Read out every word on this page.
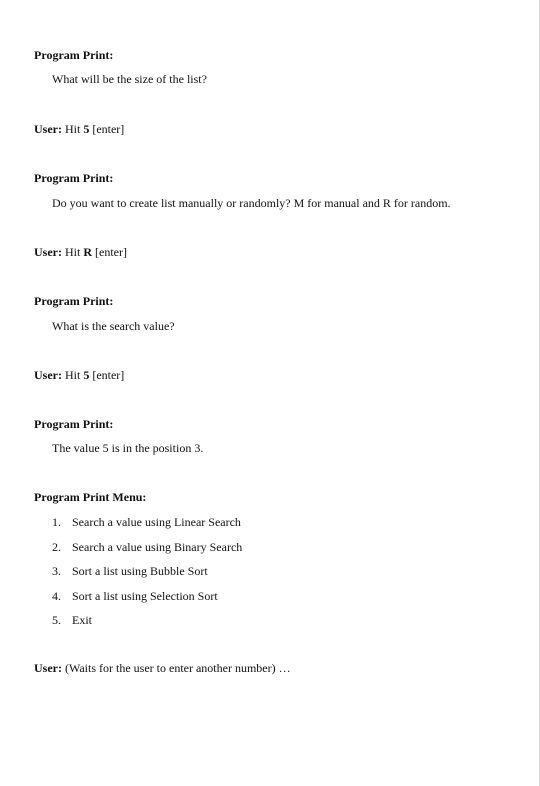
Program Print:

What will be the size of the list?

User: Hit 5 [enter]

Program Print:

Do you want to create list manually or randomly? M for manual and R for random.

User: Hit R [enter]

Program Print:

What is the search value?

User: Hit 5 [enter]

Program Print:

The value 5 is in the position 3.

Program Print Menu:

1. Search a value using Linear Search
2. Search a value using Binary Search
3. Sort a list using Bubble Sort
4. Sort a list using Selection Sort
5. Exit

User: (Waits for the user to enter another number) …
